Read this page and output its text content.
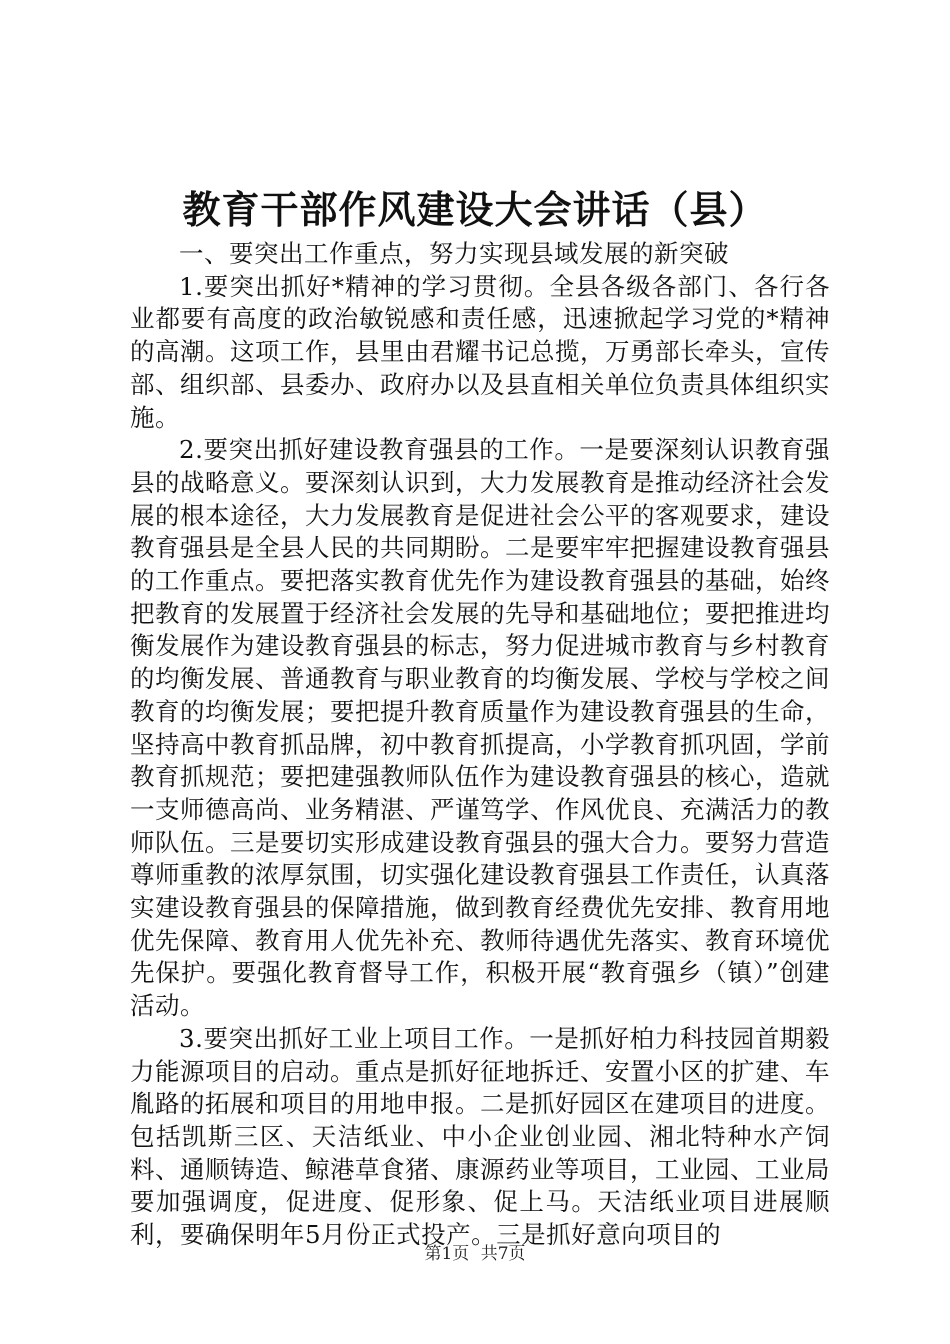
教育干部作风建设大会讲话（县）

一、要突出工作重点，努力实现县域发展的新突破

1.要突出抓好*精神的学习贯彻。全县各级各部门、各行各业都要有高度的政治敏锐感和责任感，迅速掀起学习党的*精神的高潮。这项工作，县里由君耀书记总揽，万勇部长牵头，宣传部、组织部、县委办、政府办以及县直相关单位负责具体组织实施。

2.要突出抓好建设教育强县的工作。一是要深刻认识教育强县的战略意义。要深刻认识到，大力发展教育是推动经济社会发展的根本途径，大力发展教育是促进社会公平的客观要求，建设教育强县是全县人民的共同期盼。二是要牢牢把握建设教育强县的工作重点。要把落实教育优先作为建设教育强县的基础，始终把教育的发展置于经济社会发展的先导和基础地位；要把推进均衡发展作为建设教育强县的标志，努力促进城市教育与乡村教育的均衡发展、普通教育与职业教育的均衡发展、学校与学校之间教育的均衡发展；要把提升教育质量作为建设教育强县的生命，坚持高中教育抓品牌，初中教育抓提高，小学教育抓巩固，学前教育抓规范；要把建强教师队伍作为建设教育强县的核心，造就一支师德高尚、业务精湛、严谨笃学、作风优良、充满活力的教师队伍。三是要切实形成建设教育强县的强大合力。要努力营造尊师重教的浓厚氛围，切实强化建设教育强县工作责任，认真落实建设教育强县的保障措施，做到教育经费优先安排、教育用地优先保障、教育用人优先补充、教师待遇优先落实、教育环境优先保护。要强化教育督导工作，积极开展“教育强乡（镇）”创建活动。

3.要突出抓好工业上项目工作。一是抓好柏力科技园首期毅力能源项目的启动。重点是抓好征地拆迁、安置小区的扩建、车胤路的拓展和项目的用地申报。二是抓好园区在建项目的进度。包括凯斯三区、天洁纸业、中小企业创业园、湘北特种水产饲料、通顺铸造、鲸港草食猪、康源药业等项目，工业园、工业局要加强调度，促进度、促形象、促上马。天洁纸业项目进展顺利，要确保明年5月份正式投产。三是抓好意向项目的

第1页 共7页
